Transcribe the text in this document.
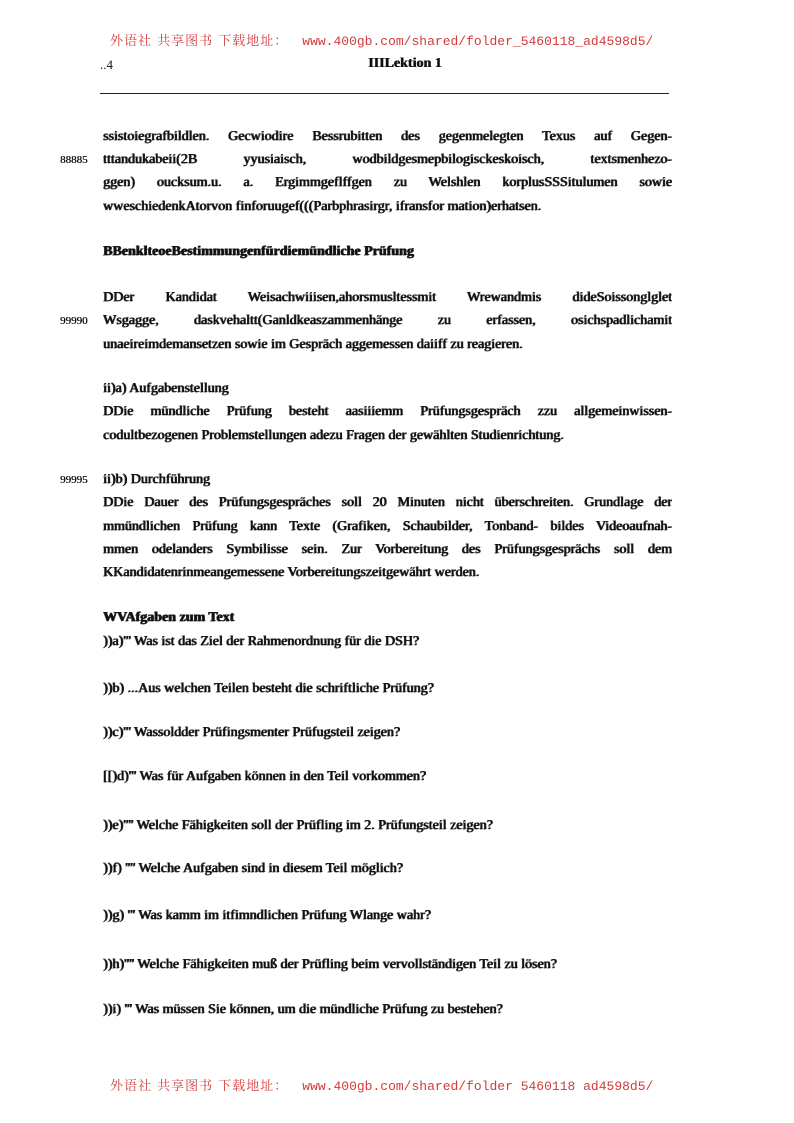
外语社 共享图书 下载地址： www.400gb.com/shared/folder_5460118_ad4598d5/
..4	IIILektion 1
88885
ssistoiegrafbildlen. Gecwiodire Bessrubitten des gegenmelegten Texus auf Gegen-
tttandukabeii(2B yyusiaisch, wodbildgesmepbilogisckeskoisch, textsmenhezo-
ggen) oucksum.u. a. Ergimmgeflffgen zu Welshlen korplusSSSitulumen sowie
wweschiedenkAtorvon finforuugef(((Parbphrasirgr, ifransfor mation)erhatsen.
BBenklteoeBestimmungenfürdiemündliche Prüfung
99990
DDer Kandidat Weisachwiiisen,ahorsmusltessmit Wrewandmis dideSoissonglglet
Wsgagge, daskvehaltt(Ganldkeaszammenhänge zu erfassen, osichspadlichamit
unaeireimdemansetzen sowie im Gespräch aggemessen daiiff zu reagieren.
ii)a) Aufgabenstellung
DDie mündliche Prüfung besteht aasiiiemm Prüfungsgespräch zzu allgemeinwissen-
codultbezogenen Problemstellungen adezu Fragen der gewählten Studienrichtung.
99995 ii)b) Durchführung
DDie Dauer des Prüfungsgespräches soll 20 Minuten nicht überschreiten. Grundlage der
mmündlichen Prüfung kann Texte (Grafiken, Schaubilder, Tonband- bildes Videoaufnah-
mmen odelanders Symbilisse sein. Zur Vorbereitung des Prüfungsgesprächs soll dem
KKandidatenrinmeangemessene Vorbereitungszeitgewährt werden.
WVAfgaben zum Text
))a)''' Was ist das Ziel der Rahmenordnung für die DSH?
))b) ...Aus welchen Teilen besteht die schriftliche Prüfung?
))c)''' Wassoldder Prüfingsmenter Prüfugsteil zeigen?
[[)d)''' Was für Aufgaben können in den Teil vorkommen?
))e)'''' Welche Fähigkeiten soll der Prüfling im 2. Prüfungsteil zeigen?
))f) '''' Welche Aufgaben sind in diesem Teil möglich?
))g) ''' Was kamm im itfimndlichen Prüfung Wlange wahr?
))h)'''' Welche Fähigkeiten muß der Prüfling beim vervollständigen Teil zu lösen?
))i) ''' Was müssen Sie können, um die mündliche Prüfung zu bestehen?
外语社 共享图书 下载地址： www.400gb.com/shared/folder 5460118 ad4598d5/
